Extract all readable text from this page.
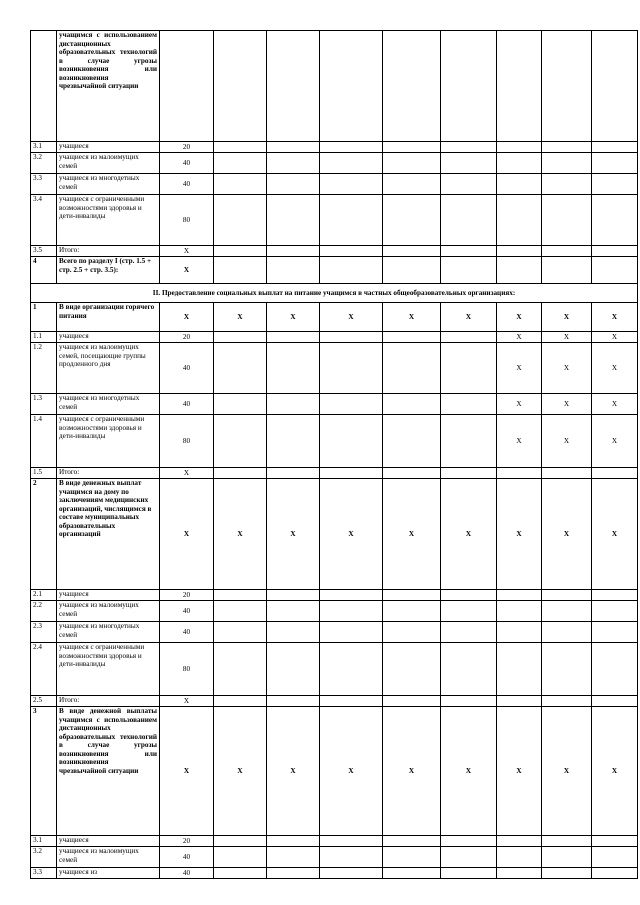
	учащимся с использованием дистанционных образовательных технологий в случае угрозы возникновения или возникновения чрезвычайной ситуации									
3.1	учащиеся	20								
3.2	учащиеся из малоимущих семей	40								
3.3	учащиеся из многодетных семей	40								
3.4	учащиеся с ограниченными возможностями здоровья и дети-инвалиды	80								
3.5	Итого:	Х								
4	Всего по разделу I (стр. 1.5 + стр. 2.5 + стр. 3.5):	Х								
II. Предоставление социальных выплат на питание учащимся в частных общеобразовательных организациях:										
1	В виде организации горячего питания	Х	Х	Х	Х	Х	Х	Х	Х	Х
1.1	учащиеся	20						Х	Х	Х
1.2	учащиеся из малоимущих семей, посещающие группы продленного дня	40						Х	Х	Х
1.3	учащиеся из многодетных семей	40						Х	Х	Х
1.4	учащиеся с ограниченными возможностями здоровья и дети-инвалиды	80						Х	Х	Х
1.5	Итого:	Х								
2	В виде денежных выплат учащимся на дому по заключениям медицинских организаций, числящимся в составе муниципальных образовательных организаций	Х	Х	Х	Х	Х	Х	Х	Х	Х
2.1	учащиеся	20								
2.2	учащиеся из малоимущих семей	40								
2.3	учащиеся из многодетных семей	40								
2.4	учащиеся с ограниченными возможностями здоровья и дети-инвалиды	80								
2.5	Итого:	Х								
3	В виде денежной выплаты учащимся с использованием дистанционных образовательных технологий в случае угрозы возникновения или возникновения чрезвычайной ситуации	Х	Х	Х	Х	Х	Х	Х	Х	Х
3.1	учащиеся	20								
3.2	учащиеся из малоимущих семей	40								
3.3	учащиеся из	40								
